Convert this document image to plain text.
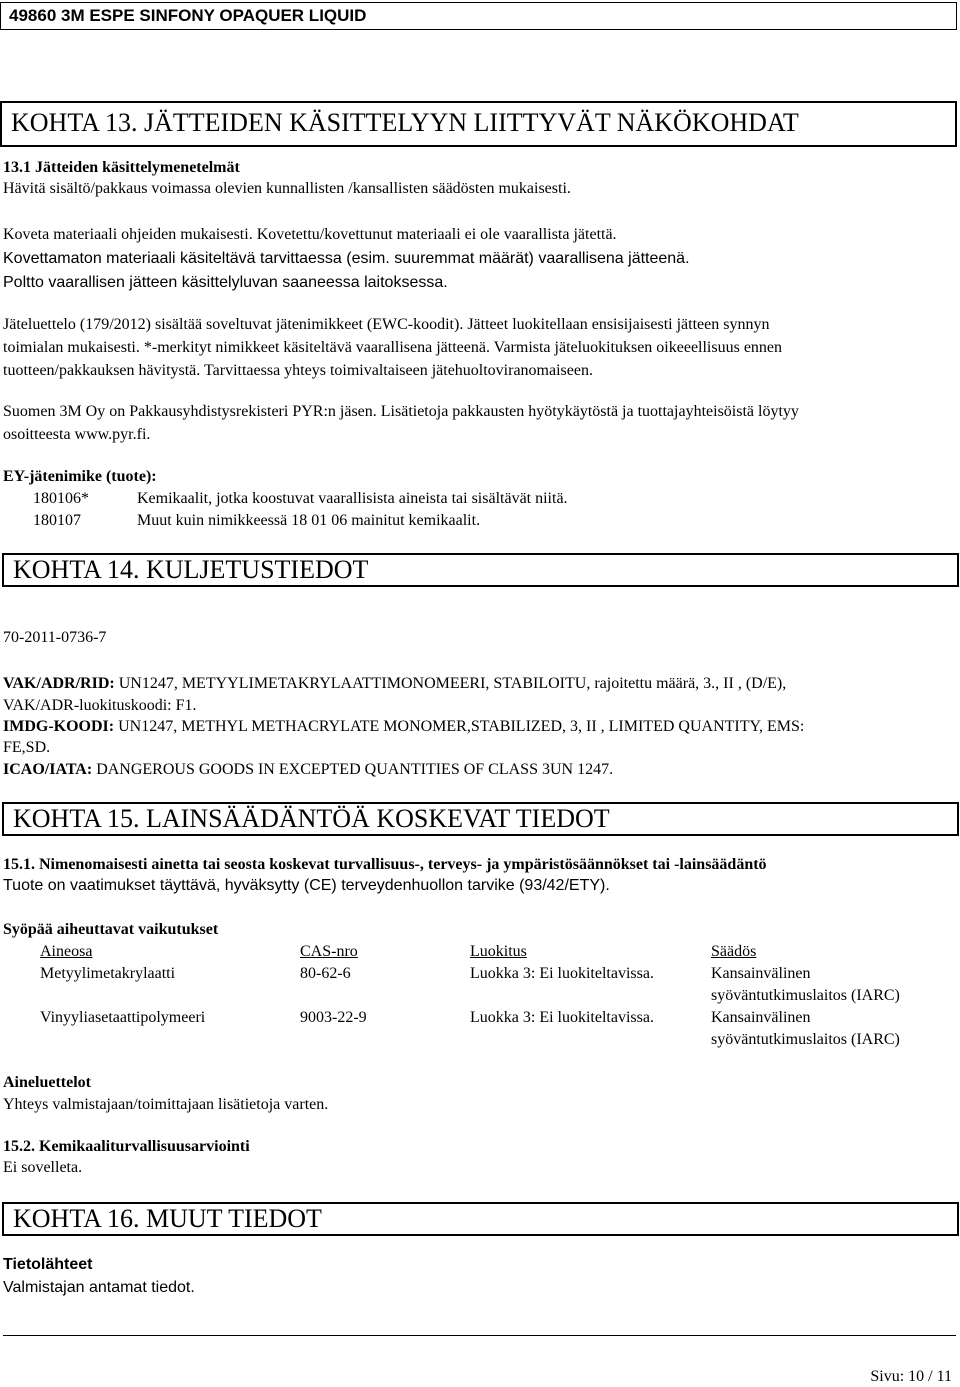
49860 3M ESPE SINFONY OPAQUER LIQUID
KOHTA 13. JÄTTEIDEN KÄSITTELYYN LIITTYVÄT NÄKÖKOHDAT
13.1 Jätteiden käsittelymenetelmät
Hävitä sisältö/pakkaus voimassa olevien kunnallisten /kansallisten säädösten mukaisesti.
Koveta materiaali ohjeiden mukaisesti. Kovetettu/kovettunut materiaali ei ole vaarallista jätettä.
Kovettamaton materiaali käsiteltävä tarvittaessa (esim. suuremmat määrät) vaarallisena jätteenä.
Poltto vaarallisen jätteen käsittelyluvan saaneessa laitoksessa.
Jäteluettelo (179/2012) sisältää soveltuvat jätenimikkeet (EWC-koodit). Jätteet luokitellaan ensisijaisesti jätteen synnyn
toimialan mukaisesti. *-merkityt nimikkeet käsiteltävä vaarallisena jätteenä. Varmista jäteluokituksen oikeeellisuus ennen
tuotteen/pakkauksen hävitystä. Tarvittaessa yhteys toimivaltaiseen jätehuoltoviranomaiseen.
Suomen 3M Oy on Pakkausyhdistysrekisteri PYR:n jäsen. Lisätietoja pakkausten hyötykäytöstä ja tuottajayhteisöistä löytyy
osoitteesta www.pyr.fi.
EY-jätenimike (tuote):
180106*	Kemikaalit, jotka koostuvat vaarallisista aineista tai sisältävät niitä.
180107	Muut kuin nimikkeessä 18 01 06 mainitut kemikaalit.
KOHTA 14. KULJETUSTIEDOT
70-2011-0736-7
VAK/ADR/RID: UN1247, METYYLIMETAKRYLAATTIMONOMEERI, STABILOITU, rajoitettu määrä, 3., II , (D/E),
VAK/ADR-luokituskoodi: F1.
IMDG-KOODI: UN1247, METHYL METHACRYLATE MONOMER,STABILIZED, 3, II , LIMITED QUANTITY, EMS:
FE,SD.
ICAO/IATA: DANGEROUS GOODS IN EXCEPTED QUANTITIES OF CLASS 3UN 1247.
KOHTA 15. LAINSÄÄDÄNTÖÄ KOSKEVAT TIEDOT
15.1. Nimenomaisesti ainetta tai seosta koskevat turvallisuus-, terveys- ja ympäristösäännökset tai -lainsäädäntö
Tuote on vaatimukset täyttävä, hyväksytty (CE) terveydenhuollon tarvike (93/42/ETY).
Syöpää aiheuttavat vaikutukset
Aineosa	CAS-nro	Luokitus	Säädös
Metyylimetakrylaatti	80-62-6	Luokka 3: Ei luokiteltavissa.	Kansainvälinen
syöväntutkimuslaitos (IARC)
Vinyyliasetaattipolymeeri	9003-22-9	Luokka 3: Ei luokiteltavissa.	Kansainvälinen
syöväntutkimuslaitos (IARC)
Aineluettelot
Yhteys valmistajaan/toimittajaan lisätietoja varten.
15.2. Kemikaaliturvallisuusarviointi
Ei sovelleta.
KOHTA 16. MUUT TIEDOT
Tietolähteet
Valmistajan antamat tiedot.
Sivu: 10 / 11
